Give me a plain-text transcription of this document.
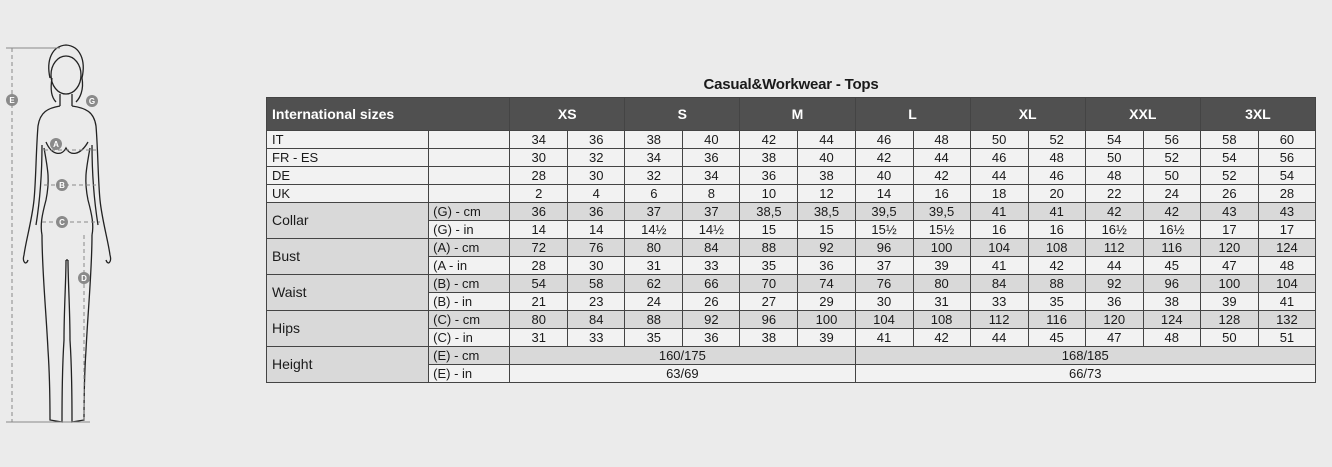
E	G
A
B
C
D
Casual&Workwear - Tops
International sizes		XS		S		M		L		XL		XXL		3XL	
IT		34	36	38	40	42	44	46	48	50	52	54	56	58	60
FR - ES		30	32	34	36	38	40	42	44	46	48	50	52	54	56
DE		28	30	32	34	36	38	40	42	44	46	48	50	52	54
UK		2	4	6	8	10	12	14	16	18	20	22	24	26	28
Collar	(G) - cm	36	36	37	37	38,5	38,5	39,5	39,5	41	41	42	42	43	43
	(G) - in	14	14	14½	14½	15	15	15½	15½	16	16	16½	16½	17	17
Bust	(A) - cm	72	76	80	84	88	92	96	100	104	108	112	116	120	124
	(A - in	28	30	31	33	35	36	37	39	41	42	44	45	47	48
Waist	(B) - cm	54	58	62	66	70	74	76	80	84	88	92	96	100	104
	(B) - in	21	23	24	26	27	29	30	31	33	35	36	38	39	41
Hips	(C) - cm	80	84	88	92	96	100	104	108	112	116	120	124	128	132
	(C) - in	31	33	35	36	38	39	41	42	44	45	47	48	50	51
Height	(E) - cm	160/175						168/185							
	(E) - in	63/69						66/73							
